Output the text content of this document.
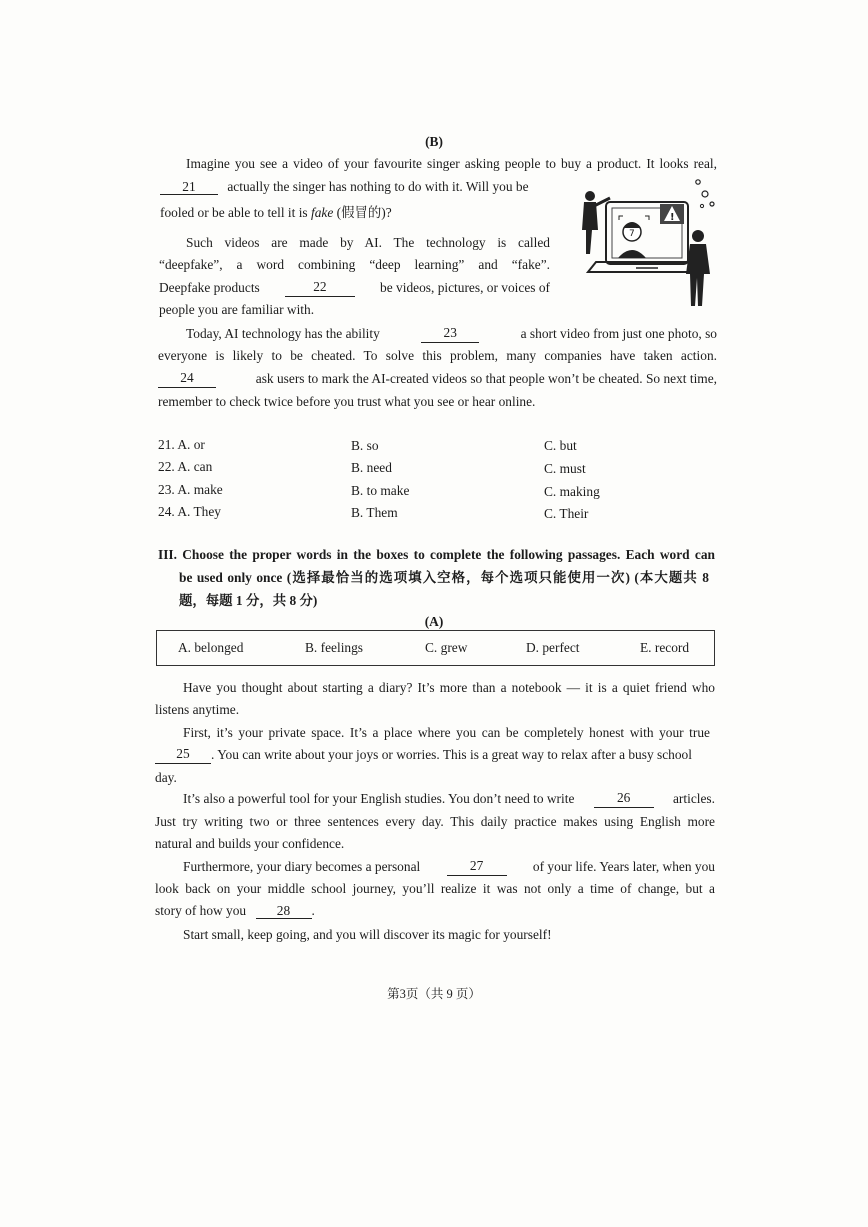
(B)
Imagine you see a video of your favourite singer asking people to buy a product. It looks real,
21 actually the singer has nothing to do with it. Will you be
fooled or be able to tell it is fake (假冒的)?
Such videos are made by AI. The technology is called
“deepfake”, a word combining “deep learning” and “fake”.
Deepfake products	22	be videos, pictures, or voices of
people you are familiar with.
7
!
Today, AI technology has the ability	23	a short video from just one photo, so
everyone is likely to be cheated. To solve this problem, many companies have taken action.
24	ask users to mark the AI-created videos so that people won’t be cheated. So next time,
remember to check twice before you trust what you see or hear online.
21. A. or	B. so	C. but
22. A. can	B. need	C. must
23. A. make	B. to make	C. making
24. A. They	B. Them	C. Their
III. Choose the proper words in the boxes to complete the following passages. Each word can
be used only once (选择最恰当的选项填入空格，每个选项只能使用一次) (本大题共 8
题，每题 1 分，共 8 分)
(A)
A. belonged	B. feelings	C. grew	D. perfect	E. record
Have you thought about starting a diary? It’s more than a notebook — it is a quiet friend who
listens anytime.
First, it’s your private space. It’s a place where you can be completely honest with your true
25	. You can write about your joys or worries. This is a great way to relax after a busy school
day.
It’s also a powerful tool for your English studies. You don’t need to write	26	articles.
Just try writing two or three sentences every day. This daily practice makes using English more
natural and builds your confidence.
Furthermore, your diary becomes a personal	27	of your life. Years later, when you
look back on your middle school journey, you’ll realize it was not only a time of change, but a
story of how you 28 .
Start small, keep going, and you will discover its magic for yourself!
第3页（共 9 页）
